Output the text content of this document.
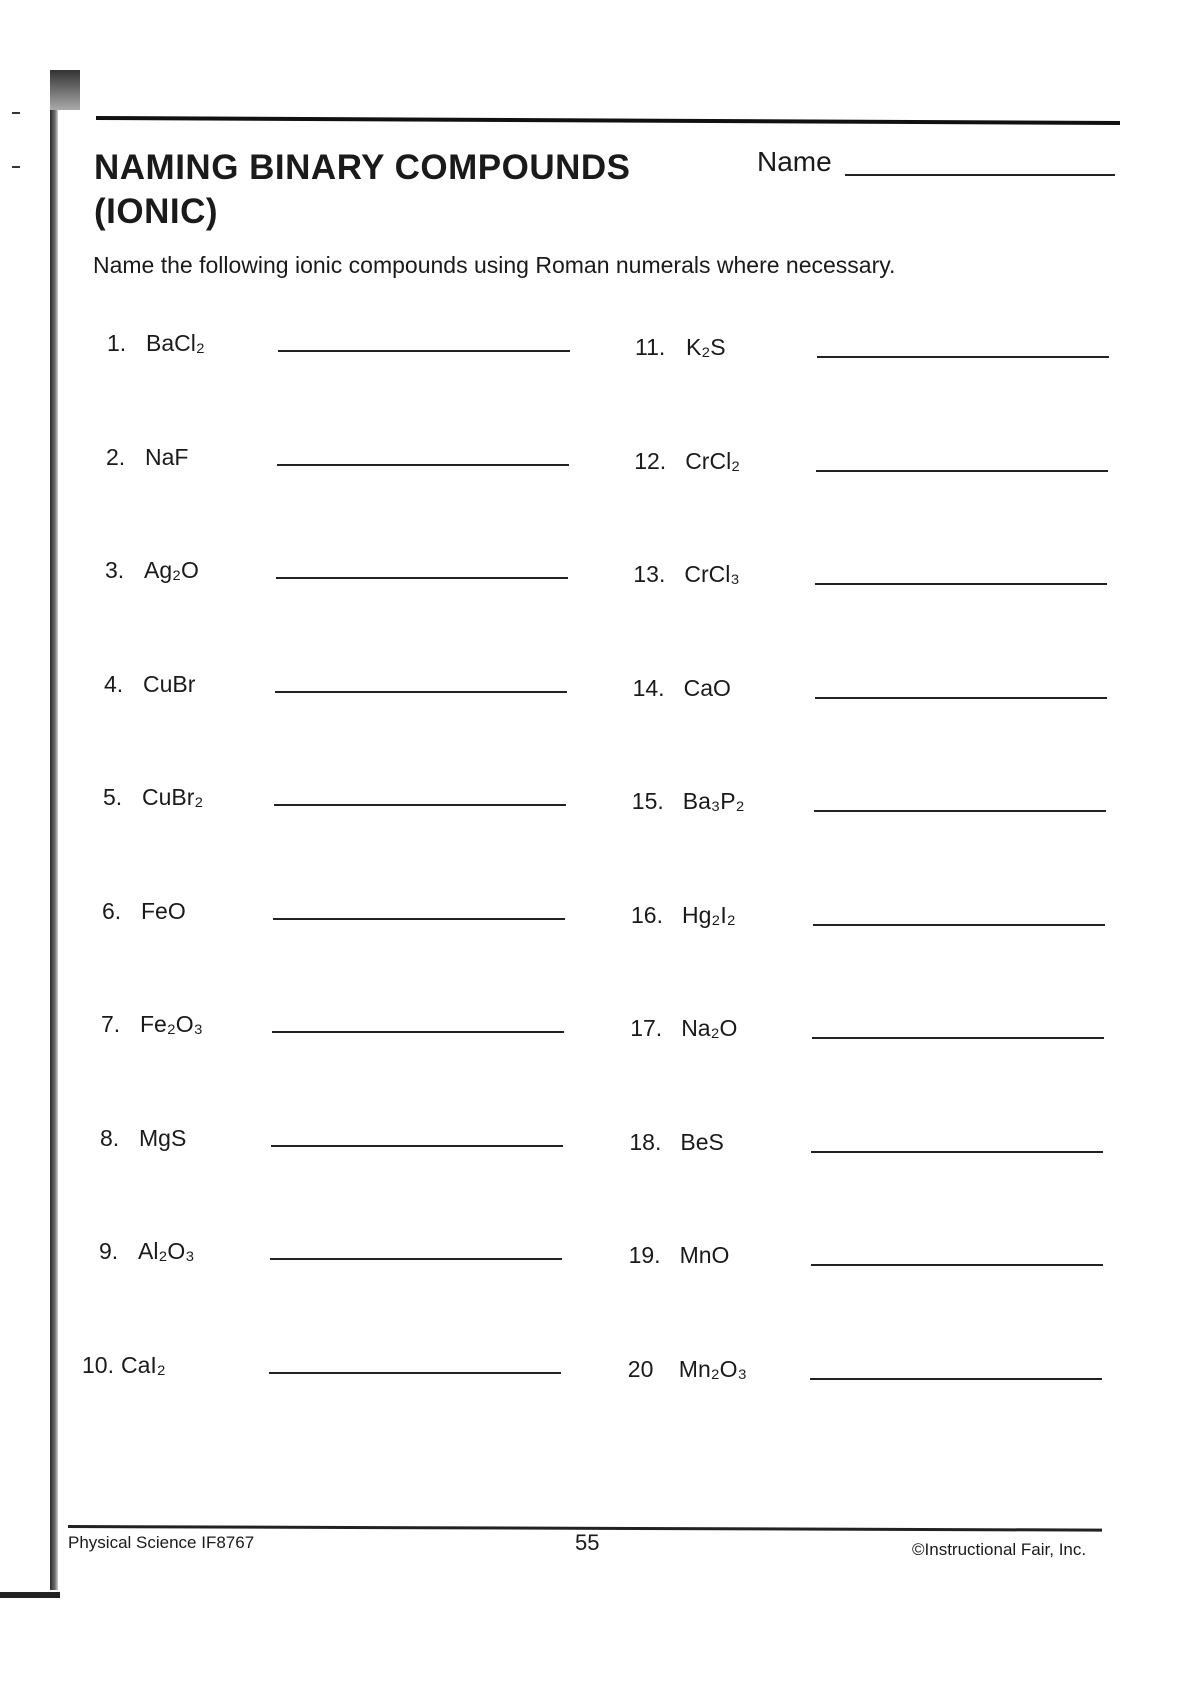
NAMING BINARY COMPOUNDS
(IONIC)
Name

Name the following ionic compounds using Roman numerals where necessary.

1. BaCl₂
2. NaF
3. Ag₂O
4. CuBr
5. CuBr₂
6. FeO
7. Fe₂O₃
8. MgS
9. Al₂O₃
10. CaI₂
11. K₂S
12. CrCl₂
13. CrCl₃
14. CaO
15. Ba₃P₂
16. Hg₂I₂
17. Na₂O
18. BeS
19. MnO
20 Mn₂O₃
Physical Science IF8767	55	©Instructional Fair, Inc.
